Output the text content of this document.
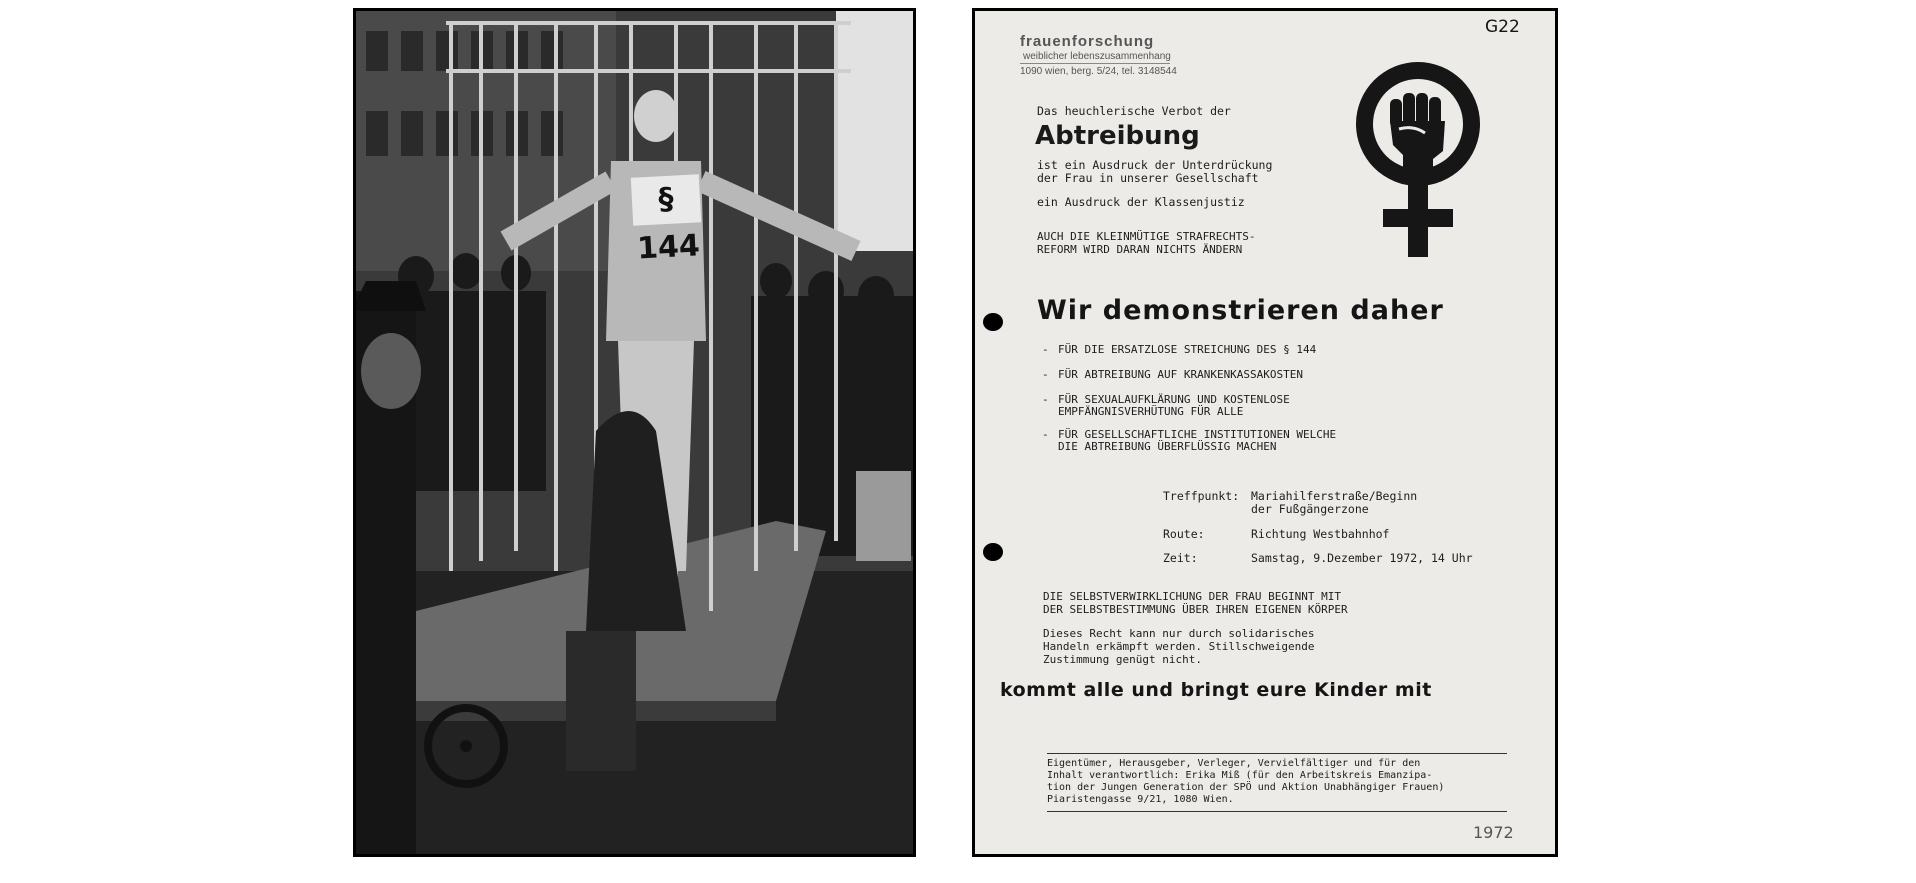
§ 144
G22
frauenforschung
weiblicher lebenszusammenhang
1090 wien, berg. 5/24, tel. 3148544
Das heuchlerische Verbot der
Abtreibung
ist ein Ausdruck der Unterdrückung
der Frau in unserer Gesellschaft
ein Ausdruck der Klassenjustiz
AUCH DIE KLEINMÜTIGE STRAFRECHTS-
REFORM WIRD DARAN NICHTS ÄNDERN
Wir demonstrieren daher

- FÜR DIE ERSATZLOSE STREICHUNG DES § 144

- FÜR ABTREIBUNG AUF KRANKENKASSAKOSTEN

- FÜR SEXUALAUFKLÄRUNG UND KOSTENLOSE
EMPFÄNGNISVERHÜTUNG FÜR ALLE

- FÜR GESELLSCHAFTLICHE INSTITUTIONEN WELCHE
DIE ABTREIBUNG ÜBERFLÜSSIG MACHEN

Treffpunkt: Mariahilferstraße/Beginn
der Fußgängerzone

Route:	Richtung Westbahnhof

Zeit:	Samstag, 9.Dezember 1972, 14 Uhr

DIE SELBSTVERWIRKLICHUNG DER FRAU BEGINNT MIT
DER SELBSTBESTIMMUNG ÜBER IHREN EIGENEN KÖRPER
Dieses Recht kann nur durch solidarisches
Handeln erkämpft werden. Stillschweigende
Zustimmung genügt nicht.
kommt alle und bringt eure Kinder mit
Eigentümer, Herausgeber, Verleger, Vervielfältiger und für den
Inhalt verantwortlich: Erika Miß (für den Arbeitskreis Emanzipa-
tion der Jungen Generation der SPÖ und Aktion Unabhängiger Frauen)
Piaristengasse 9/21, 1080 Wien.
1972
